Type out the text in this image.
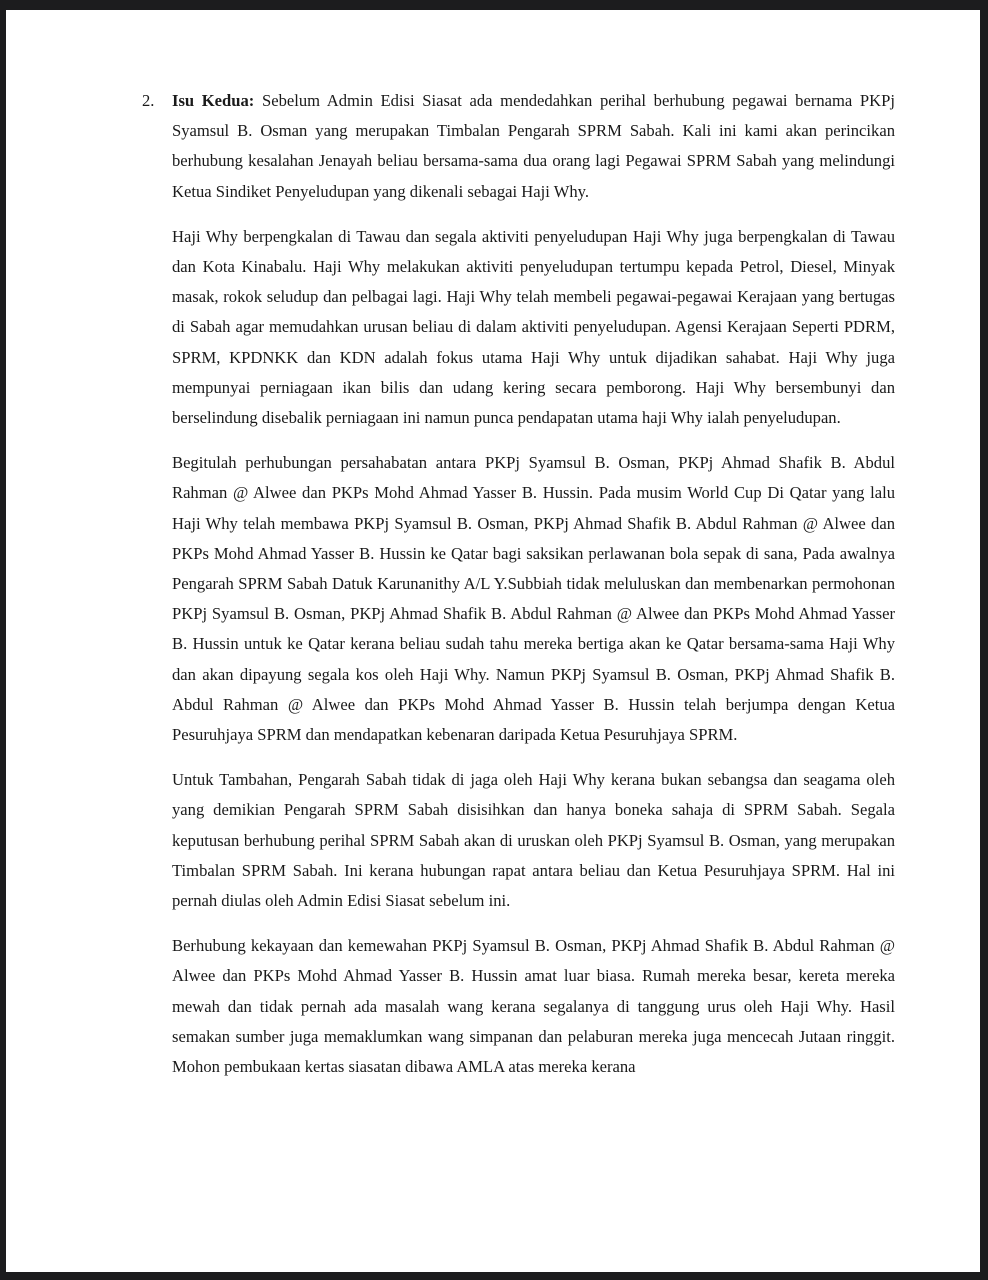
2. Isu Kedua: Sebelum Admin Edisi Siasat ada mendedahkan perihal berhubung pegawai bernama PKPj Syamsul B. Osman yang merupakan Timbalan Pengarah SPRM Sabah. Kali ini kami akan perincikan berhubung kesalahan Jenayah beliau bersama-sama dua orang lagi Pegawai SPRM Sabah yang melindungi Ketua Sindiket Penyeludupan yang dikenali sebagai Haji Why.

Haji Why berpengkalan di Tawau dan segala aktiviti penyeludupan Haji Why juga berpengkalan di Tawau dan Kota Kinabalu. Haji Why melakukan aktiviti penyeludupan tertumpu kepada Petrol, Diesel, Minyak masak, rokok seludup dan pelbagai lagi. Haji Why telah membeli pegawai-pegawai Kerajaan yang bertugas di Sabah agar memudahkan urusan beliau di dalam aktiviti penyeludupan. Agensi Kerajaan Seperti PDRM, SPRM, KPDNKK dan KDN adalah fokus utama Haji Why untuk dijadikan sahabat. Haji Why juga mempunyai perniagaan ikan bilis dan udang kering secara pemborong. Haji Why bersembunyi dan berselindung disebalik perniagaan ini namun punca pendapatan utama haji Why ialah penyeludupan.

Begitulah perhubungan persahabatan antara PKPj Syamsul B. Osman, PKPj Ahmad Shafik B. Abdul Rahman @ Alwee dan PKPs Mohd Ahmad Yasser B. Hussin. Pada musim World Cup Di Qatar yang lalu Haji Why telah membawa PKPj Syamsul B. Osman, PKPj Ahmad Shafik B. Abdul Rahman @ Alwee dan PKPs Mohd Ahmad Yasser B. Hussin ke Qatar bagi saksikan perlawanan bola sepak di sana, Pada awalnya Pengarah SPRM Sabah Datuk Karunanithy A/L Y.Subbiah tidak meluluskan dan membenarkan permohonan PKPj Syamsul B. Osman, PKPj Ahmad Shafik B. Abdul Rahman @ Alwee dan PKPs Mohd Ahmad Yasser B. Hussin untuk ke Qatar kerana beliau sudah tahu mereka bertiga akan ke Qatar bersama-sama Haji Why dan akan dipayung segala kos oleh Haji Why. Namun PKPj Syamsul B. Osman, PKPj Ahmad Shafik B. Abdul Rahman @ Alwee dan PKPs Mohd Ahmad Yasser B. Hussin telah berjumpa dengan Ketua Pesuruhjaya SPRM dan mendapatkan kebenaran daripada Ketua Pesuruhjaya SPRM.

Untuk Tambahan, Pengarah Sabah tidak di jaga oleh Haji Why kerana bukan sebangsa dan seagama oleh yang demikian Pengarah SPRM Sabah disisihkan dan hanya boneka sahaja di SPRM Sabah. Segala keputusan berhubung perihal SPRM Sabah akan di uruskan oleh PKPj Syamsul B. Osman, yang merupakan Timbalan SPRM Sabah. Ini kerana hubungan rapat antara beliau dan Ketua Pesuruhjaya SPRM. Hal ini pernah diulas oleh Admin Edisi Siasat sebelum ini.

Berhubung kekayaan dan kemewahan PKPj Syamsul B. Osman, PKPj Ahmad Shafik B. Abdul Rahman @ Alwee dan PKPs Mohd Ahmad Yasser B. Hussin amat luar biasa. Rumah mereka besar, kereta mereka mewah dan tidak pernah ada masalah wang kerana segalanya di tanggung urus oleh Haji Why. Hasil semakan sumber juga memaklumkan wang simpanan dan pelaburan mereka juga mencecah Jutaan ringgit. Mohon pembukaan kertas siasatan dibawa AMLA atas mereka kerana
